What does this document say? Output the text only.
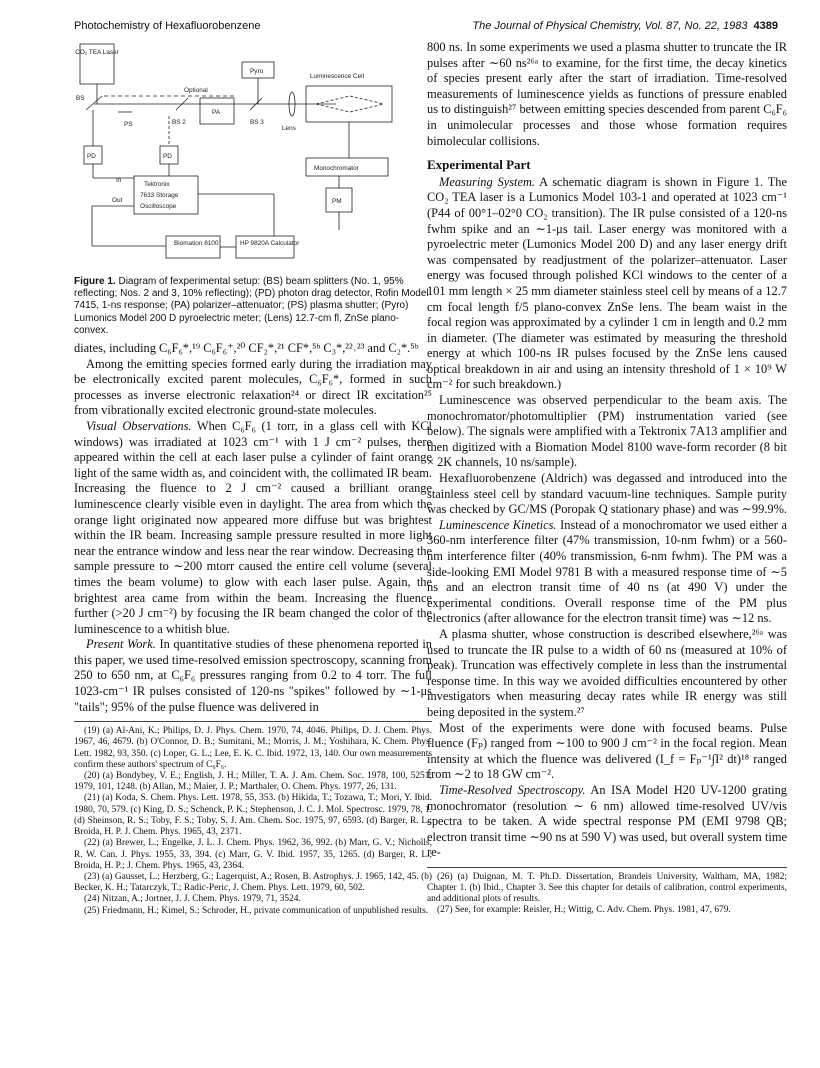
Photochemistry of Hexafluorobenzene	The Journal of Physical Chemistry, Vol. 87, No. 22, 1983 4389
CO₂ TEA Laser
Optional
Pyro
BS
PA
PS	BS 2	BS 3
Lens
Luminescence Cell
PD	PD
Tektronix
7633 Storage
Oscilloscope
In
Out
Monochromator
PM
Biomation 8100	HP 9820A Calculator
Figure 1. Diagram of fexperimental setup: (BS) beam splitters (No. 1, 95% reflecting; Nos. 2 and 3, 10% reflecting); (PD) photon drag detector, Rofin Model 7415, 1-ns response; (PA) polarizer–attenuator; (PS) plasma shutter; (Pyro) Lumonics Model 200 D pyroelectric meter; (Lens) 12.7-cm fl, ZnSe plano-convex.

diates, including C₆F₆*,¹⁹ C₆F₆⁺,²⁰ CF₂*,²¹ CF*,⁵ᵇ C₃*,²²˒²³ and C₂*.⁵ᵇ

Among the emitting species formed early during the irradiation may be electronically excited parent molecules, C₆F₆*, formed in such processes as inverse electronic relaxation²⁴ or direct IR excitation²⁵ from vibrationally excited electronic ground-state molecules.

Visual Observations. When C₆F₆ (1 torr, in a glass cell with KCl windows) was irradiated at 1023 cm⁻¹ with 1 J cm⁻² pulses, there appeared within the cell at each laser pulse a cylinder of faint orange light of the same width as, and coincident with, the collimated IR beam. Increasing the fluence to 2 J cm⁻² caused a brilliant orange luminescence clearly visible even in daylight. The area from which the orange light originated now appeared more diffuse but was brightest within the IR beam. Increasing sample pressure resulted in more light near the entrance window and less near the rear window. Decreasing the sample pressure to ∼200 mtorr caused the entire cell volume (several times the beam volume) to glow with each laser pulse. Again, the brightest area came from within the beam. Increasing the fluence further (>20 J cm⁻²) by focusing the IR beam changed the color of the luminescence to a whitish blue.

Present Work. In quantitative studies of these phenomena reported in this paper, we used time-resolved emission spectroscopy, scanning from 250 to 650 nm, at C₆F₆ pressures ranging from 0.2 to 4 torr. The full 1023-cm⁻¹ IR pulses consisted of 120-ns "spikes" followed by ∼1-μs "tails"; 95% of the pulse fluence was delivered in

(19) (a) Al-Ani, K.; Philips, D. J. Phys. Chem. 1970, 74, 4046. Philips, D. J. Chem. Phys. 1967, 46, 4679. (b) O'Connor, D. B.; Sumitani, M.; Morris, J. M.; Yoshihara, K. Chem. Phys. Lett. 1982, 93, 350. (c) Loper, G. L.; Lee, E. K. C. Ibid. 1972, 13, 140. Our own measurements confirm these authors' spectrum of C₆F₆.

(20) (a) Bondybey, V. E.; English, J. H.; Miller, T. A. J. Am. Chem. Soc. 1978, 100, 5251; 1979, 101, 1248. (b) Allan, M.; Maier, J. P.; Marthaler, O. Chem. Phys. 1977, 26, 131.

(21) (a) Koda, S. Chem. Phys. Lett. 1978, 55, 353. (b) Hikida, T.; Tozawa, T.; Mori, Y. Ibid. 1980, 70, 579. (c) King, D. S.; Schenck, P. K.; Stephenson, J. C. J. Mol. Spectrosc. 1979, 78, 1. (d) Sheinson, R. S.; Toby, F. S.; Toby, S. J. Am. Chem. Soc. 1975, 97, 6593. (d) Barger, R. L.; Broida, H. P. J. Chem. Phys. 1965, 43, 2371.

(22) (a) Brewer, L.; Engelke, J. L. J. Chem. Phys. 1962, 36, 992. (b) Marr, G. V.; Nicholls, R. W. Can. J. Phys. 1955, 33, 394. (c) Marr, G. V. Ibid. 1957, 35, 1265. (d) Barger, R. L.; Broida, H. P.; J. Chem. Phys. 1965, 43, 2364.

(23) (a) Gausset, L.; Herzberg, G.; Lagerquist, A.; Rosen, B. Astrophys. J. 1965, 142, 45. (b) Becker, K. H.; Tatarczyk, T.; Radic-Peric, J. Chem. Phys. Lett. 1979, 60, 502.

(24) Nitzan, A.; Jortner, J. J. Chem. Phys. 1979, 71, 3524.

(25) Friedmann, H.; Kimel, S.; Schroder, H., private communication of unpublished results.

800 ns. In some experiments we used a plasma shutter to truncate the IR pulses after ∼60 ns²⁶ᵃ to examine, for the first time, the decay kinetics of species present early after the start of irradiation. Time-resolved measurements of luminescence yields as functions of pressure enabled us to distinguish²⁷ between emitting species descended from parent C₆F₆ in unimolecular processes and those whose formation requires bimolecular collisions.

Experimental Part

Measuring System. A schematic diagram is shown in Figure 1. The CO₂ TEA laser is a Lumonics Model 103-1 and operated at 1023 cm⁻¹ (P44 of 00°1–02°0 CO₂ transition). The IR pulse consisted of a 120-ns fwhm spike and an ∼1-μs tail. Laser energy was monitored with a pyroelectric meter (Lumonics Model 200 D) and any laser energy drift was compensated by readjustment of the polarizer–attenuator. Laser energy was focused through polished KCl windows to the center of a 101 mm length × 25 mm diameter stainless steel cell by means of a 12.7 cm focal length f/5 plano-convex ZnSe lens. The beam waist in the focal region was approximated by a cylinder 1 cm in length and 0.2 mm in diameter. (The diameter was estimated by measuring the threshold energy at which 100-ns IR pulses focused by the ZnSe lens caused optical breakdown in air and using an intensity threshold of 1 × 10⁹ W cm⁻² for such breakdown.)

Luminescence was observed perpendicular to the beam axis. The monochromator/photomultiplier (PM) instrumentation varied (see below). The signals were amplified with a Tektronix 7A13 amplifier and then digitized with a Biomation Model 8100 wave-form recorder (8 bit × 2K channels, 10 ns/sample).

Hexafluorobenzene (Aldrich) was degassed and introduced into the stainless steel cell by standard vacuum-line techniques. Sample purity was checked by GC/MS (Poropak Q stationary phase) and was ∼99.9%.

Luminescence Kinetics. Instead of a monochromator we used either a 360-nm interference filter (47% transmission, 10-nm fwhm) or a 560-nm interference filter (40% transmission, 6-nm fwhm). The PM was a side-looking EMI Model 9781 B with a measured response time of ∼5 ns and an electron transit time of 40 ns (at 490 V) under the experimental conditions. Overall response time of the PM plus electronics (after allowance for the electron transit time) was ∼12 ns.

A plasma shutter, whose construction is described elsewhere,²⁶ᵃ was used to truncate the IR pulse to a width of 60 ns (measured at 10% of peak). Truncation was effectively complete in less than the instrumental response time. In this way we avoided difficulties encountered by other investigators when measuring decay rates while IR energy was still being deposited in the system.²⁷

Most of the experiments were done with focused beams. Pulse fluence (Fₚ) ranged from ∼100 to 900 J cm⁻² in the focal region. Mean intensity at which the fluence was delivered (I_f = Fₚ⁻¹∫I² dt)¹⁸ ranged from ∼2 to 18 GW cm⁻².

Time-Resolved Spectroscopy. An ISA Model H20 UV-1200 grating monochromator (resolution ∼ 6 nm) allowed time-resolved UV/vis spectra to be taken. A wide spectral response PM (EMI 9798 QB; electron transit time ∼90 ns at 590 V) was used, but overall system time re-

(26) (a) Duignan, M. T. Ph.D. Dissertation, Brandeis University, Waltham, MA, 1982; Chapter 1. (b) Ibid., Chapter 3. See this chapter for details of calibration, control experiments, and additional plots of results.

(27) See, for example: Reisler, H.; Wittig, C. Adv. Chem. Phys. 1981, 47, 679.
